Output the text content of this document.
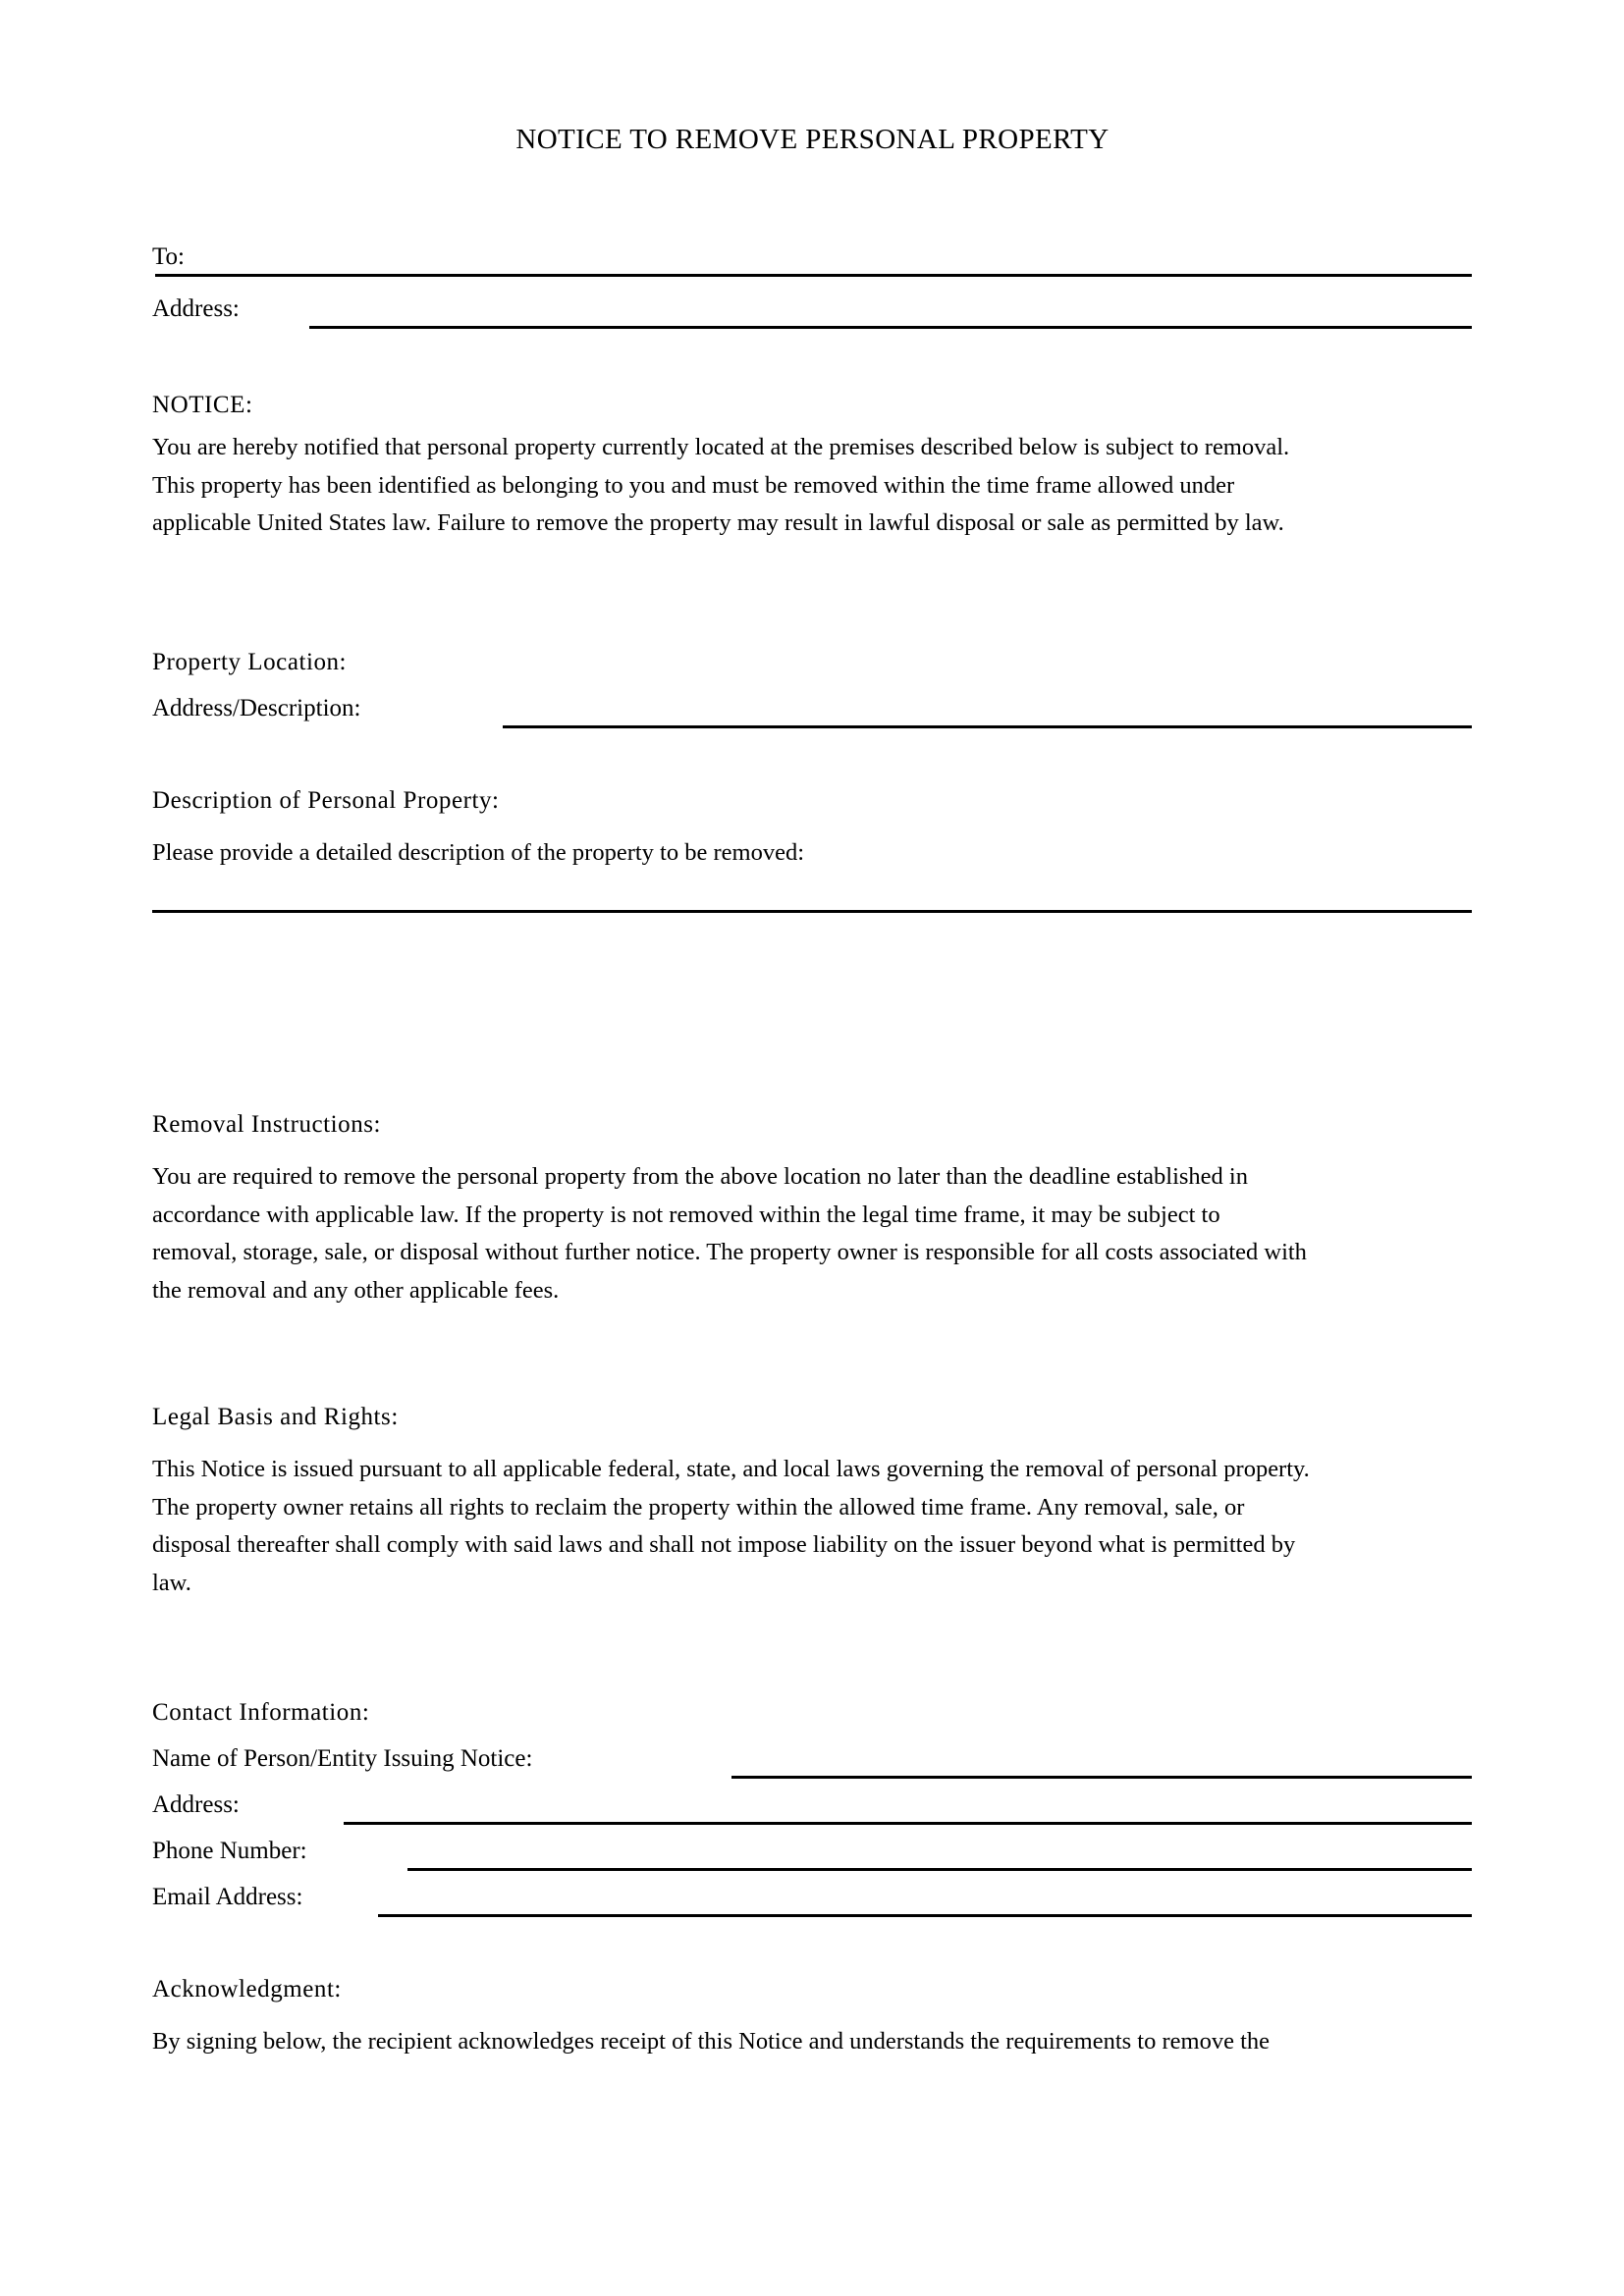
NOTICE TO REMOVE PERSONAL PROPERTY
To:
Address:
NOTICE:
You are hereby notified that personal property currently located at the premises described below is subject to removal.
This property has been identified as belonging to you and must be removed within the time frame allowed under
applicable United States law. Failure to remove the property may result in lawful disposal or sale as permitted by law.
Property Location:
Address/Description:
Description of Personal Property:
Please provide a detailed description of the property to be removed:
Removal Instructions:
You are required to remove the personal property from the above location no later than the deadline established in
accordance with applicable law. If the property is not removed within the legal time frame, it may be subject to
removal, storage, sale, or disposal without further notice. The property owner is responsible for all costs associated with
the removal and any other applicable fees.
Legal Basis and Rights:
This Notice is issued pursuant to all applicable federal, state, and local laws governing the removal of personal property.
The property owner retains all rights to reclaim the property within the allowed time frame. Any removal, sale, or
disposal thereafter shall comply with said laws and shall not impose liability on the issuer beyond what is permitted by
law.
Contact Information:
Name of Person/Entity Issuing Notice:
Address:
Phone Number:
Email Address:
Acknowledgment:
By signing below, the recipient acknowledges receipt of this Notice and understands the requirements to remove the
